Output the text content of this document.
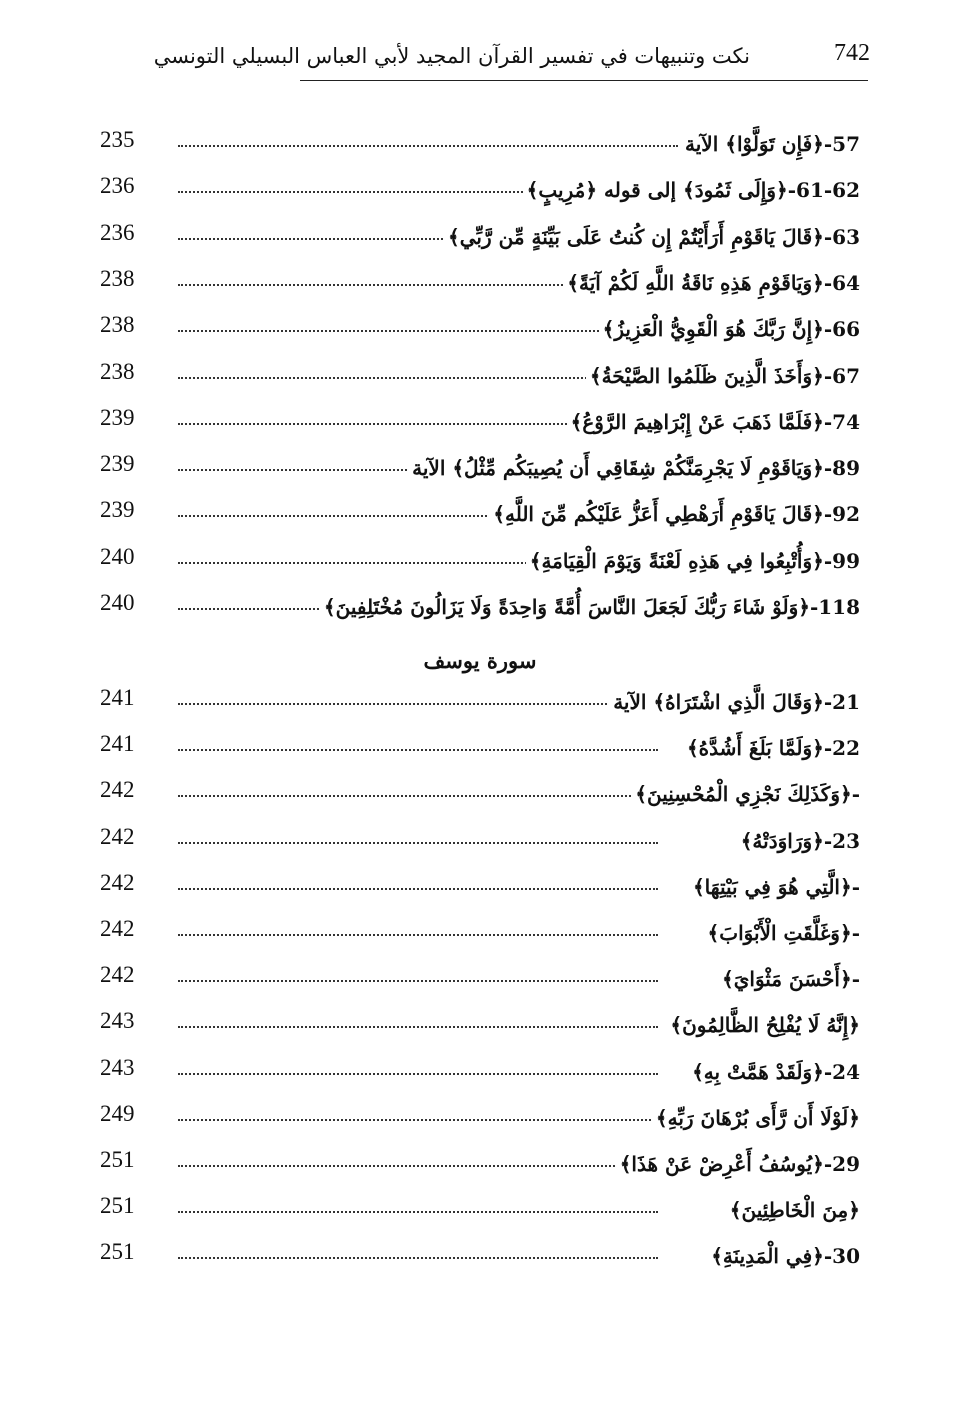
نكت وتنبيهات في تفسير القرآن المجيد لأبي العباس البسيلي التونسي	742
235	57-﴿فَإِن تَوَلَّوْا﴾ الآية
236	61-62-﴿وَإِلَى ثَمُودَ﴾ إلى قوله ﴿مُرِيبٍ﴾
236	63-﴿قَالَ يَاقَوْمِ أَرَأَيْتُمْ إِن كُنتُ عَلَى بَيِّنَةٍ مِّن رَّبِّي﴾
238	64-﴿وَيَاقَوْمِ هَذِهِ نَاقَةُ اللَّهِ لَكُمْ آيَةً﴾
238	66-﴿إِنَّ رَبَّكَ هُوَ الْقَوِيُّ الْعَزِيزُ﴾
238	67-﴿وَأَخَذَ الَّذِينَ ظَلَمُوا الصَّيْحَةُ﴾
239	74-﴿فَلَمَّا ذَهَبَ عَنْ إِبْرَاهِيمَ الرَّوْعُ﴾
239	89-﴿وَيَاقَوْمِ لَا يَجْرِمَنَّكُمْ شِقَاقِي أَن يُصِيبَكُم مِّثْلُ﴾ الآية
239	92-﴿قَالَ يَاقَوْمِ أَرَهْطِي أَعَزُّ عَلَيْكُم مِّنَ اللَّهِ﴾
240	99-﴿وَأُتْبِعُوا فِي هَذِهِ لَعْنَةً وَيَوْمَ الْقِيَامَةِ﴾
240	118-﴿وَلَوْ شَاءَ رَبُّكَ لَجَعَلَ النَّاسَ أُمَّةً وَاحِدَةً وَلَا يَزَالُونَ مُخْتَلِفِينَ﴾
سورة يوسف
241	21-﴿وَقَالَ الَّذِي اشْتَرَاهُ﴾ الآية
241	22-﴿وَلَمَّا بَلَغَ أَشُدَّهُ﴾
242	-﴿وَكَذَلِكَ نَجْزِي الْمُحْسِنِينَ﴾
242	23-﴿وَرَاوَدَتْهُ﴾
242	-﴿الَّتِي هُوَ فِي بَيْتِهَا﴾
242	-﴿وَغَلَّقَتِ الْأَبْوَابَ﴾
242	-﴿أَحْسَنَ مَثْوَايَ﴾
243	﴿إِنَّهُ لَا يُفْلِحُ الظَّالِمُونَ﴾
243	24-﴿وَلَقَدْ هَمَّتْ بِهِ﴾
249	﴿لَوْلَا أَن رَّأَى بُرْهَانَ رَبِّهِ﴾
251	29-﴿يُوسُفُ أَعْرِضْ عَنْ هَذَا﴾
251	﴿مِنَ الْخَاطِئِينَ﴾
251	30-﴿فِي الْمَدِينَةِ﴾
